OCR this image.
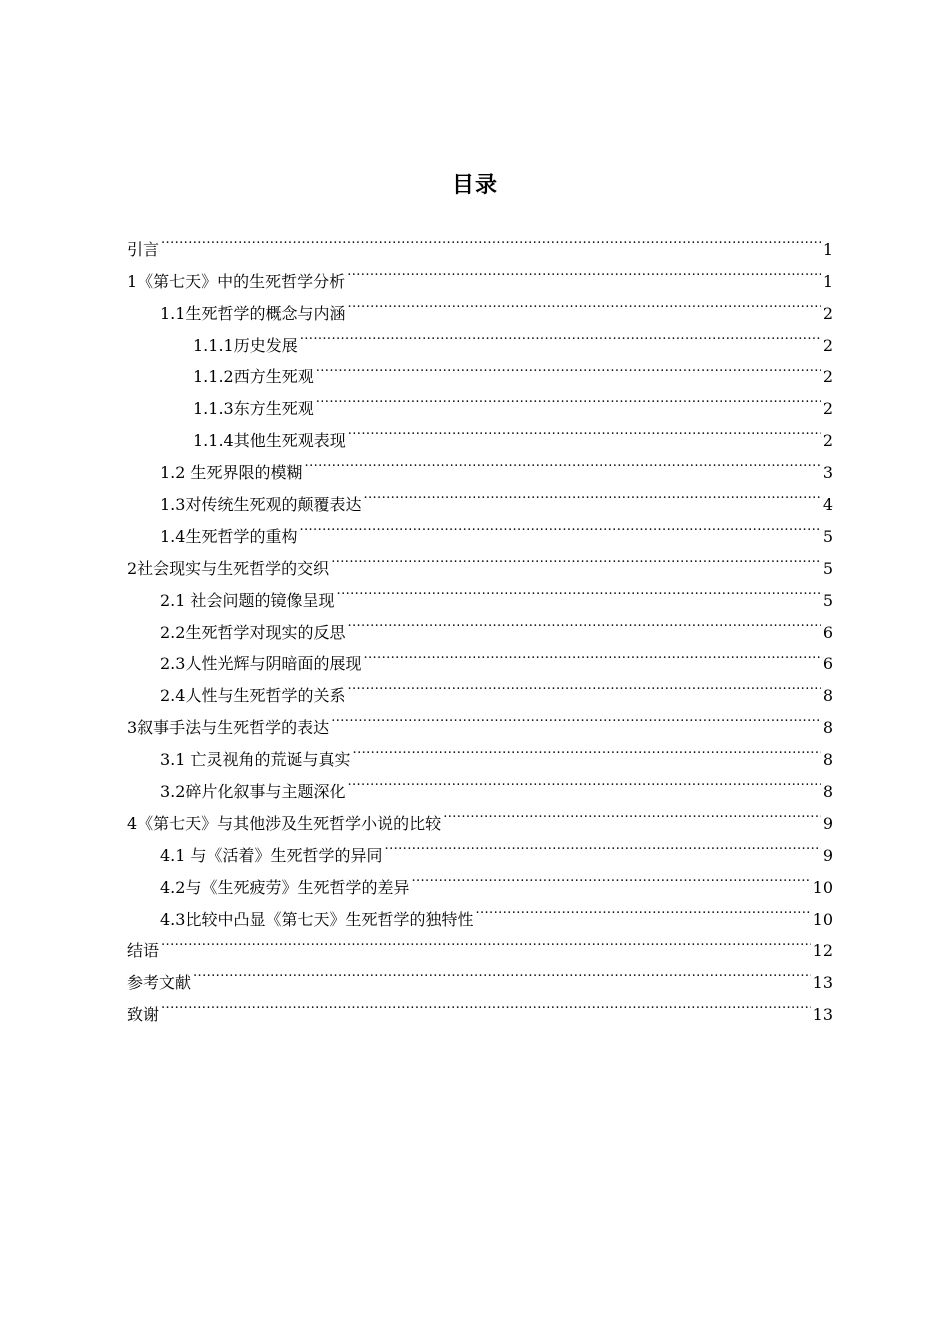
目录
引言 .....	1
1《第七天》中的生死哲学分析 .....	1
1.1生死哲学的概念与内涵 .....	2
1.1.1历史发展 .....	2
1.1.2西方生死观 .....	2
1.1.3东方生死观 .....	2
1.1.4其他生死观表现 .....	2
1.2 生死界限的模糊 .....	3
1.3对传统生死观的颠覆表达 .....	4
1.4生死哲学的重构 .....	5
2社会现实与生死哲学的交织 .....	5
2.1 社会问题的镜像呈现 .....	5
2.2生死哲学对现实的反思 .....	6
2.3人性光辉与阴暗面的展现 .....	6
2.4人性与生死哲学的关系 .....	8
3叙事手法与生死哲学的表达 .....	8
3.1 亡灵视角的荒诞与真实 .....	8
3.2碎片化叙事与主题深化 .....	8
4《第七天》与其他涉及生死哲学小说的比较 .....	9
4.1 与《活着》生死哲学的异同 .....	9
4.2与《生死疲劳》生死哲学的差异 .....	10
4.3比较中凸显《第七天》生死哲学的独特性 .....	10
结语 .....	12
参考文献 .....	13
致谢 .....	13
